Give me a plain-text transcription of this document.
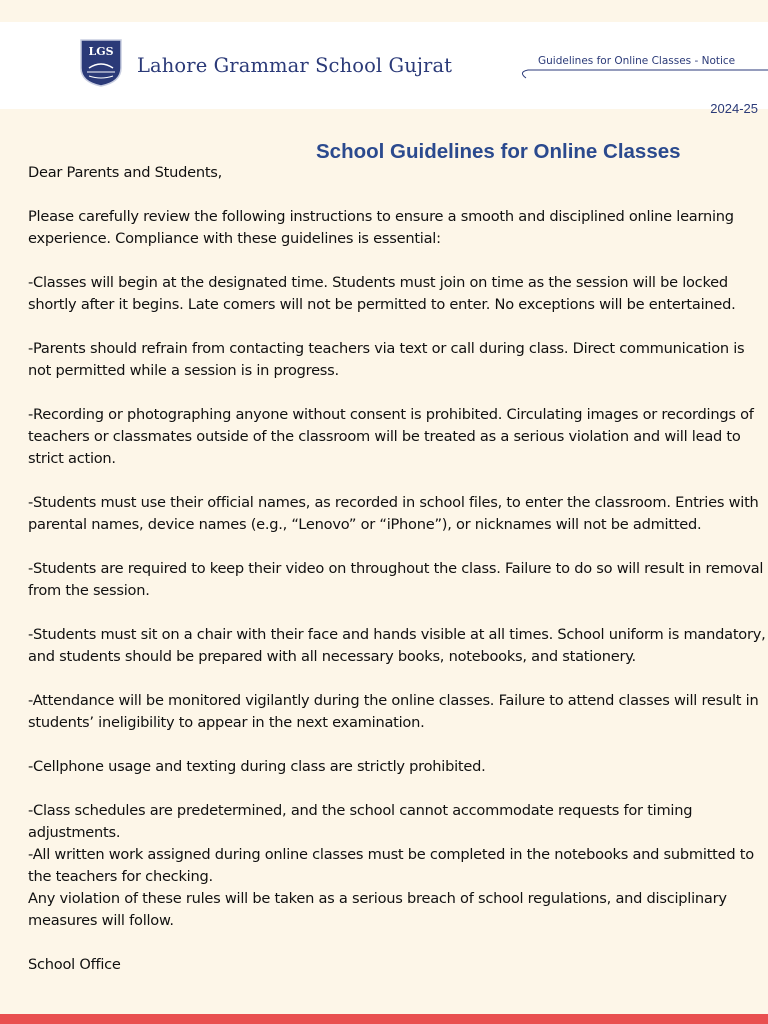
LGS
Lahore Grammar School Gujrat	Guidelines for Online Classes - Notice
2024-25
School Guidelines for Online Classes

Dear Parents and Students,

Please carefully review the following instructions to ensure a smooth and disciplined online learning experience. Compliance with these guidelines is essential:

-Classes will begin at the designated time. Students must join on time as the session will be locked shortly after it begins. Late comers will not be permitted to enter. No exceptions will be entertained.

-Parents should refrain from contacting teachers via text or call during class. Direct communication is not permitted while a session is in progress.

-Recording or photographing anyone without consent is prohibited. Circulating images or recordings of teachers or classmates outside of the classroom will be treated as a serious violation and will lead to strict action.

-Students must use their official names, as recorded in school files, to enter the classroom. Entries with parental names, device names (e.g., “Lenovo” or “iPhone”), or nicknames will not be admitted.

-Students are required to keep their video on throughout the class. Failure to do so will result in removal from the session.

-Students must sit on a chair with their face and hands visible at all times. School uniform is mandatory, and students should be prepared with all necessary books, notebooks, and stationery.

-Attendance will be monitored vigilantly during the online classes. Failure to attend classes will result in students’ ineligibility to appear in the next examination.

-Cellphone usage and texting during class are strictly prohibited.

-Class schedules are predetermined, and the school cannot accommodate requests for timing adjustments.

-All written work assigned during online classes must be completed in the notebooks and submitted to the teachers for checking.

Any violation of these rules will be taken as a serious breach of school regulations, and disciplinary measures will follow.

School Office
